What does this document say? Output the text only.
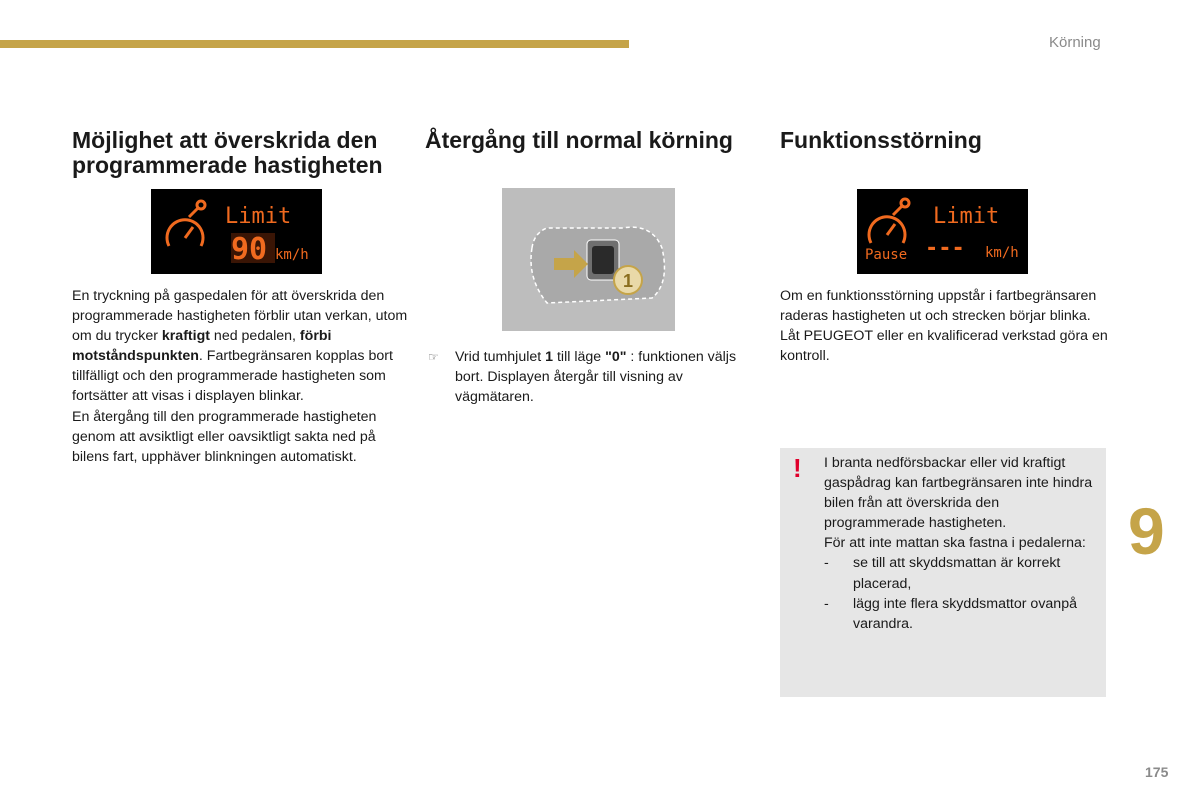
Körning
Möjlighet att överskrida den programmerade hastigheten
Limit
90 km/h

En tryckning på gaspedalen för att överskrida den programmerade hastigheten förblir utan verkan, utom om du trycker kraftigt ned pedalen, förbi motståndspunkten. Fartbegränsaren kopplas bort tillfälligt och den programmerade hastigheten som fortsätter att visas i displayen blinkar.
En återgång till den programmerade hastigheten genom att avsiktligt eller oavsiktligt sakta ned på bilens fart, upphäver blinkningen automatiskt.

Återgång till normal körning
1
☞ Vrid tumhjulet 1 till läge "0" : funktionen väljs bort. Displayen återgår till visning av vägmätaren.

Funktionsstörning
Pause
Limit
--- km/h

Om en funktionsstörning uppstår i fartbegränsaren raderas hastigheten ut och strecken börjar blinka.
Låt PEUGEOT eller en kvalificerad verkstad göra en kontroll.

! I branta nedförsbackar eller vid kraftigt gaspådrag kan fartbegränsaren inte hindra bilen från att överskrida den programmerade hastigheten.
För att inte mattan ska fastna i pedalerna:
- se till att skyddsmattan är korrekt placerad,
- lägg inte flera skyddsmattor ovanpå varandra.
9
175
